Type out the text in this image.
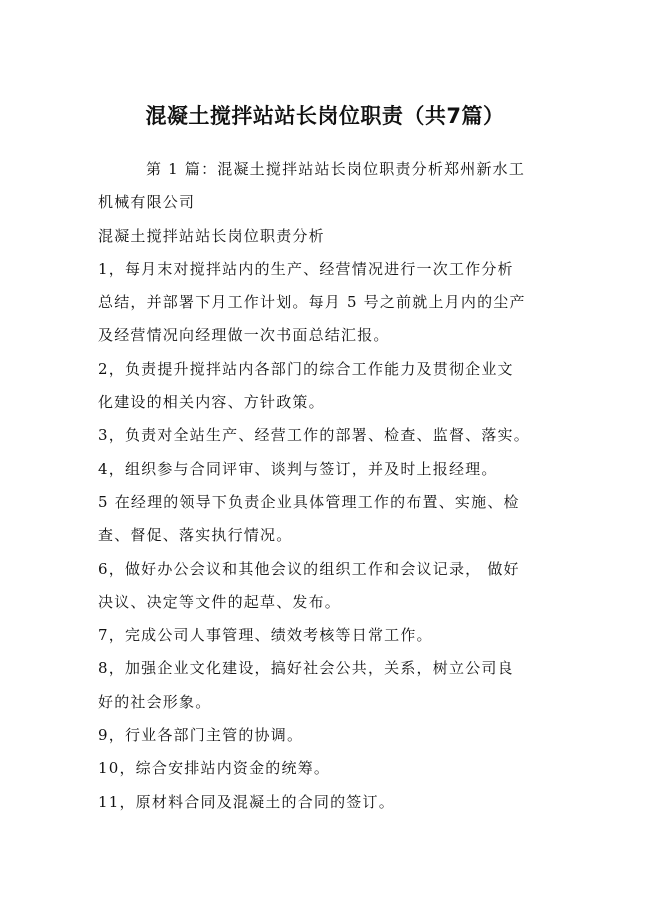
混凝土搅拌站站长岗位职责（共7篇）

第 1 篇：混凝土搅拌站站长岗位职责分析郑州新水工

机械有限公司

混凝土搅拌站站长岗位职责分析

1，每月末对搅拌站内的生产、经营情况进行一次工作分析

总结，并部署下月工作计划。每月 5 号之前就上月内的尘产

及经营情况向经理做一次书面总结汇报。

2，负责提升搅拌站内各部门的综合工作能力及贯彻企业文

化建设的相关内容、方针政策。

3，负责对全站生产、经营工作的部署、检查、监督、落实。

4，组织参与合同评审、谈判与签订，并及时上报经理。

5 在经理的领导下负责企业具体管理工作的布置、实施、检

查、督促、落实执行情况。

6，做好办公会议和其他会议的组织工作和会议记录， 做好

决议、决定等文件的起草、发布。

7，完成公司人事管理、绩效考核等日常工作。

8，加强企业文化建设，搞好社会公共，关系，树立公司良

好的社会形象。

9，行业各部门主管的协调。

10，综合安排站内资金的统筹。

11，原材料合同及混凝土的合同的签订。
